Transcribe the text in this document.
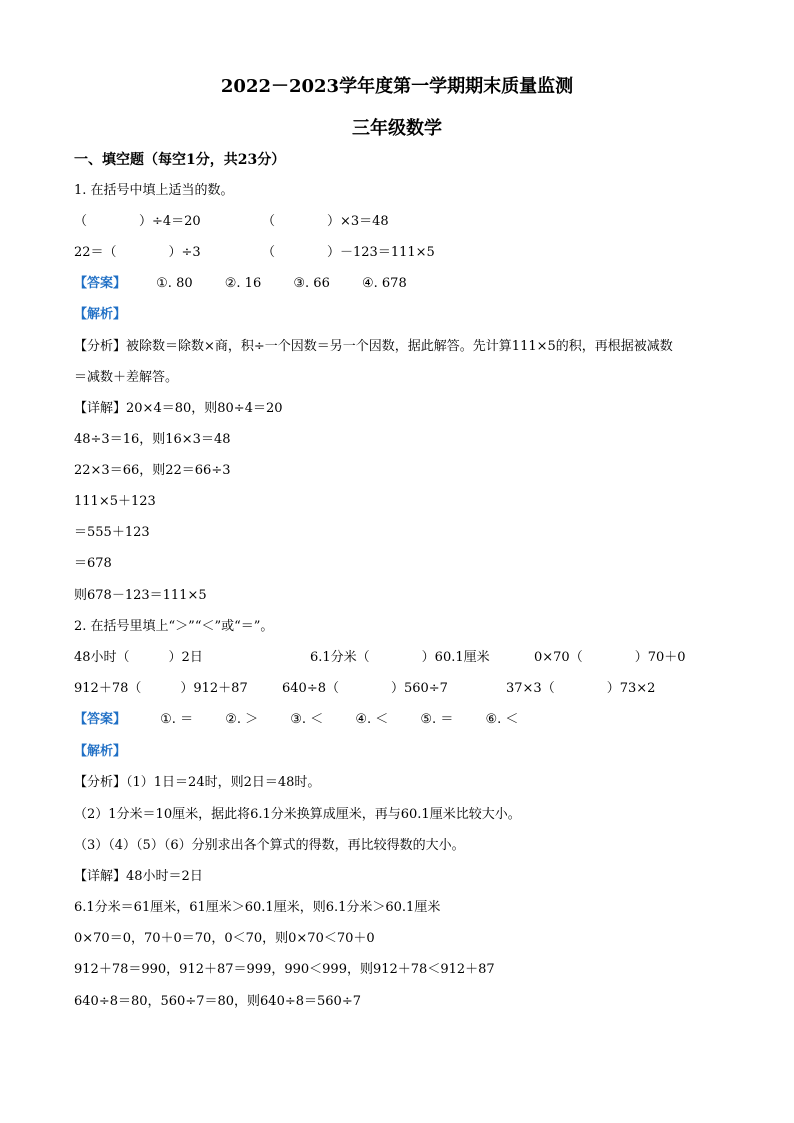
2022－2023学年度第一学期期末质量监测
三年级数学
一、填空题（每空1分，共23分）
1. 在括号中填上适当的数。
（　　　　）÷4＝20	（　　　　）×3＝48
22＝（　　　　）÷3	（　　　　）－123＝111×5
【答案】 ①. 80 ②. 16 ③. 66 ④. 678
【解析】
【分析】被除数＝除数×商，积÷一个因数＝另一个因数，据此解答。先计算111×5的积，再根据被减数
＝减数＋差解答。
【详解】20×4＝80，则80÷4＝20
48÷3＝16，则16×3＝48
22×3＝66，则22＝66÷3
111×5＋123
＝555＋123
＝678
则678－123＝111×5
2. 在括号里填上“＞”“＜”或“＝”。
48小时（　　　）2日	6.1分米（　　　　）60.1厘米	0×70（　　　　）70＋0
912＋78（　　　）912＋87	640÷8（　　　　）560÷7	37×3（　　　　）73×2
【答案】	①. ＝ ②. ＞ ③. ＜ ④. ＜ ⑤. ＝ ⑥. ＜
【解析】
【分析】（1）1日＝24时，则2日＝48时。
（2）1分米＝10厘米，据此将6.1分米换算成厘米，再与60.1厘米比较大小。
（3）（4）（5）（6）分别求出各个算式的得数，再比较得数的大小。
【详解】48小时＝2日
6.1分米＝61厘米，61厘米＞60.1厘米，则6.1分米＞60.1厘米
0×70＝0，70＋0＝70，0＜70，则0×70＜70＋0
912＋78＝990，912＋87＝999，990＜999，则912＋78＜912＋87
640÷8＝80，560÷7＝80，则640÷8＝560÷7
